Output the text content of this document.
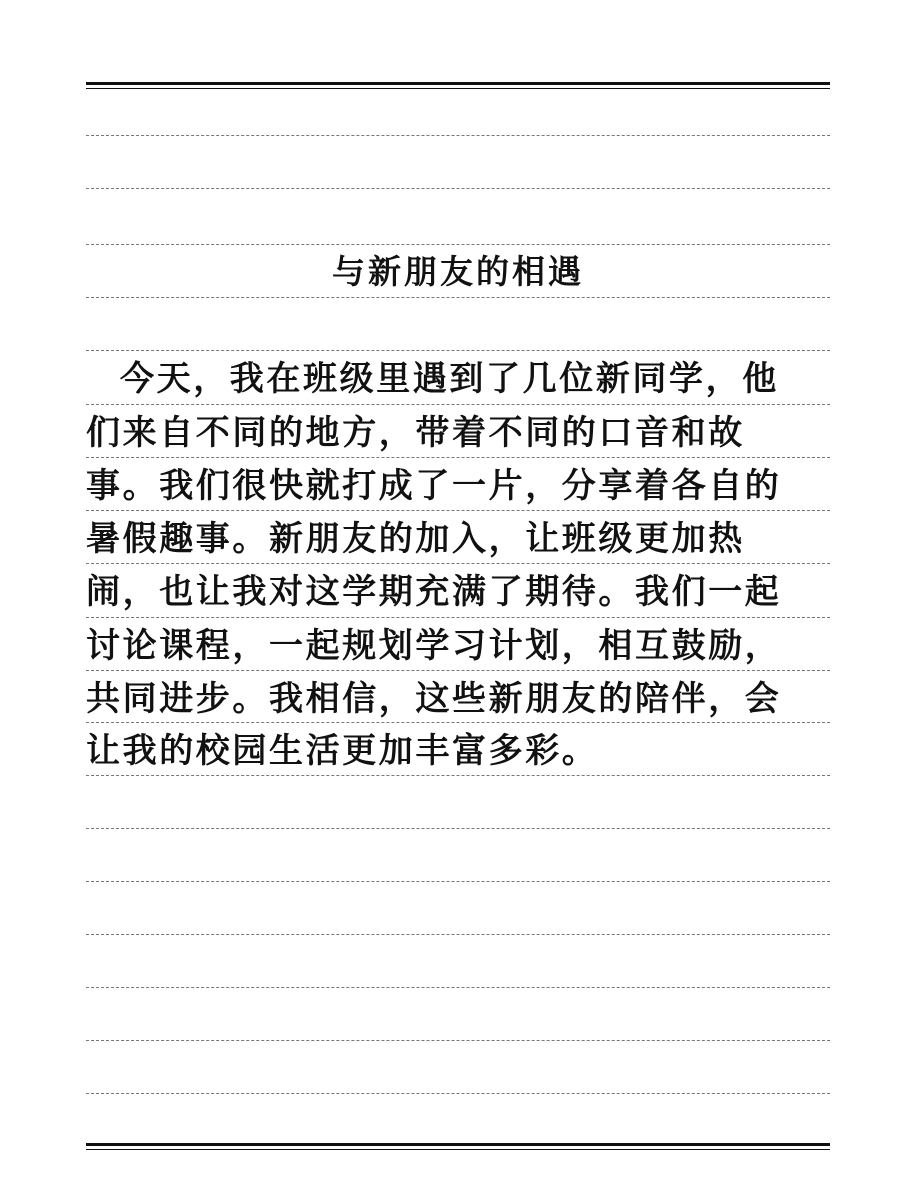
与新朋友的相遇
今天，我在班级里遇到了几位新同学，他
们来自不同的地方，带着不同的口音和故
事。我们很快就打成了一片，分享着各自的
暑假趣事。新朋友的加入，让班级更加热
闹，也让我对这学期充满了期待。我们一起
讨论课程，一起规划学习计划，相互鼓励，
共同进步。我相信，这些新朋友的陪伴，会
让我的校园生活更加丰富多彩。
